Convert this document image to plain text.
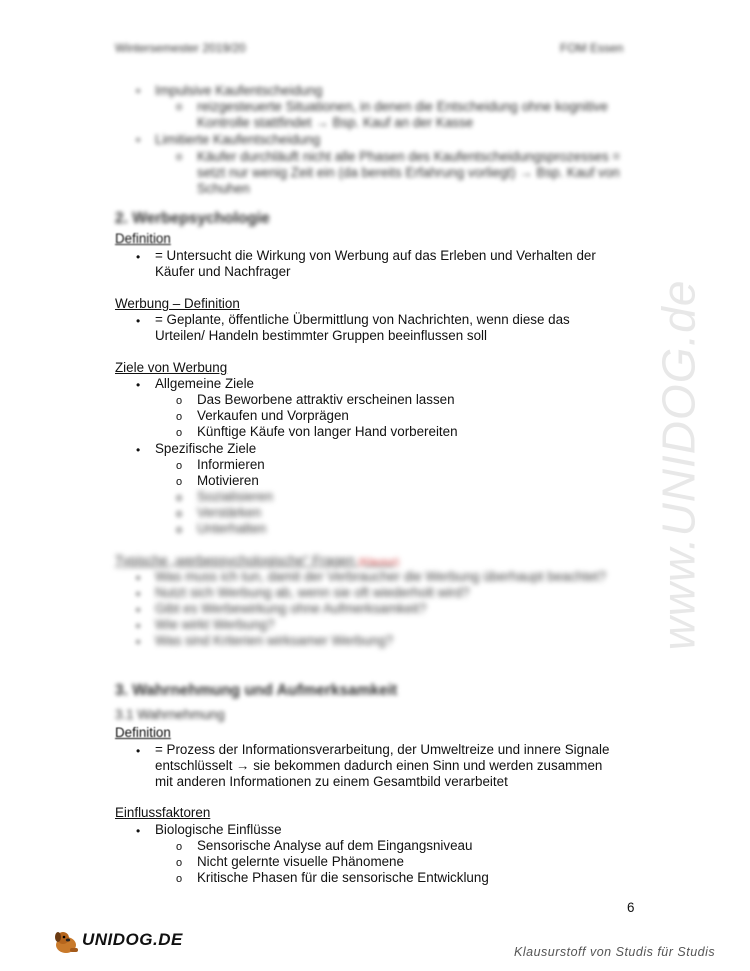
www.UNIDOG.de
Wintersemester 2019/20	FOM Essen
• Impulsive Kaufentscheidung
o reizgesteuerte Situationen, in denen die Entscheidung ohne kognitive
Kontrolle stattfindet → Bsp. Kauf an der Kasse
• Limitierte Kaufentscheidung
o Käufer durchläuft nicht alle Phasen des Kaufentscheidungsprozesses =
setzt nur wenig Zeit ein (da bereits Erfahrung vorliegt) → Bsp. Kauf von
Schuhen
2. Werbepsychologie
Definition
• = Untersucht die Wirkung von Werbung auf das Erleben und Verhalten der
Käufer und Nachfrager
Werbung – Definition
• = Geplante, öffentliche Übermittlung von Nachrichten, wenn diese das
Urteilen/ Handeln bestimmter Gruppen beeinflussen soll
Ziele von Werbung
• Allgemeine Ziele
o Das Beworbene attraktiv erscheinen lassen
o Verkaufen und Vorprägen
o Künftige Käufe von langer Hand vorbereiten
• Spezifische Ziele
o Informieren
o Motivieren
o Sozialisieren
o Verstärken
o Unterhalten
Typische „werbepsychologische“ Fragen (Klausur)
• Was muss ich tun, damit der Verbraucher die Werbung überhaupt beachtet?
• Nutzt sich Werbung ab, wenn sie oft wiederholt wird?
• Gibt es Werbewirkung ohne Aufmerksamkeit?
• Wie wirkt Werbung?
• Was sind Kriterien wirksamer Werbung?
3. Wahrnehmung und Aufmerksamkeit
3.1 Wahrnehmung
Definition
• = Prozess der Informationsverarbeitung, der Umweltreize und innere Signale
entschlüsselt → sie bekommen dadurch einen Sinn und werden zusammen
mit anderen Informationen zu einem Gesamtbild verarbeitet
Einflussfaktoren
• Biologische Einflüsse
o Sensorische Analyse auf dem Eingangsniveau
o Nicht gelernte visuelle Phänomene
o Kritische Phasen für die sensorische Entwicklung
6
UNIDOG.DE
Klausurstoff von Studis für Studis
